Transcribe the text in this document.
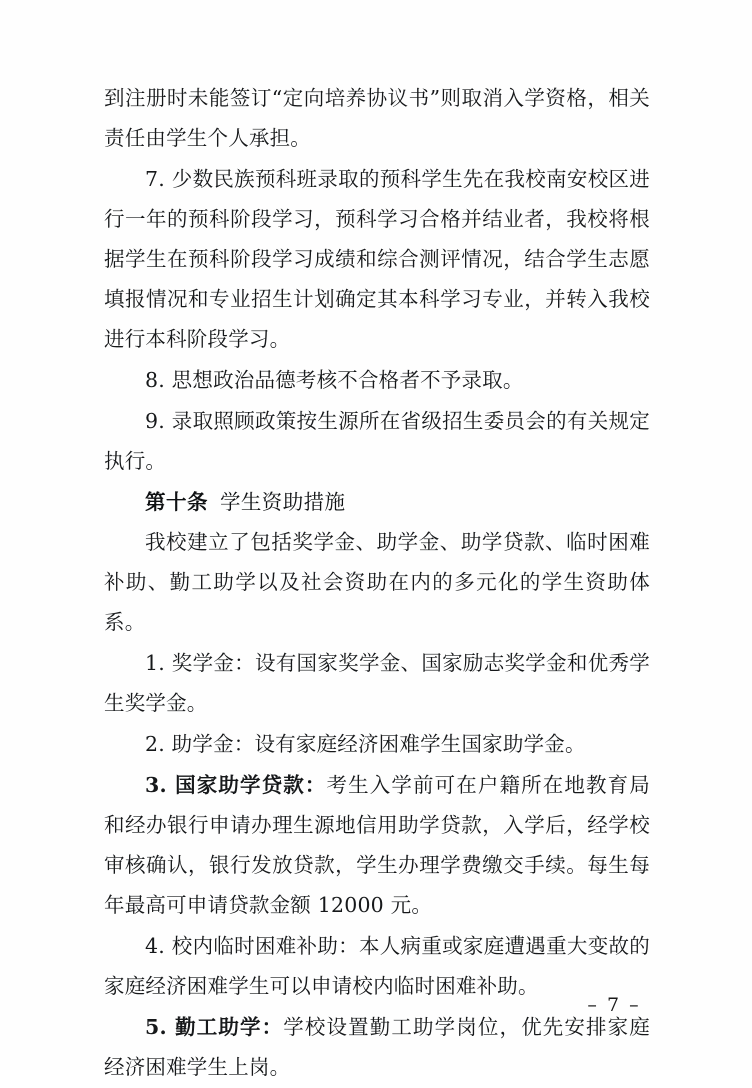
到注册时未能签订“定向培养协议书”则取消入学资格，相关责任由学生个人承担。

7. 少数民族预科班录取的预科学生先在我校南安校区进行一年的预科阶段学习，预科学习合格并结业者，我校将根据学生在预科阶段学习成绩和综合测评情况，结合学生志愿填报情况和专业招生计划确定其本科学习专业，并转入我校进行本科阶段学习。

8. 思想政治品德考核不合格者不予录取。

9. 录取照顾政策按生源所在省级招生委员会的有关规定执行。

第十条 学生资助措施

我校建立了包括奖学金、助学金、助学贷款、临时困难补助、勤工助学以及社会资助在内的多元化的学生资助体系。

1. 奖学金：设有国家奖学金、国家励志奖学金和优秀学生奖学金。

2. 助学金：设有家庭经济困难学生国家助学金。

3. 国家助学贷款：考生入学前可在户籍所在地教育局和经办银行申请办理生源地信用助学贷款，入学后，经学校审核确认，银行发放贷款，学生办理学费缴交手续。每生每年最高可申请贷款金额 12000 元。

4. 校内临时困难补助：本人病重或家庭遭遇重大变故的家庭经济困难学生可以申请校内临时困难补助。

5. 勤工助学：学校设置勤工助学岗位，优先安排家庭经济困难学生上岗。

– 7 –
